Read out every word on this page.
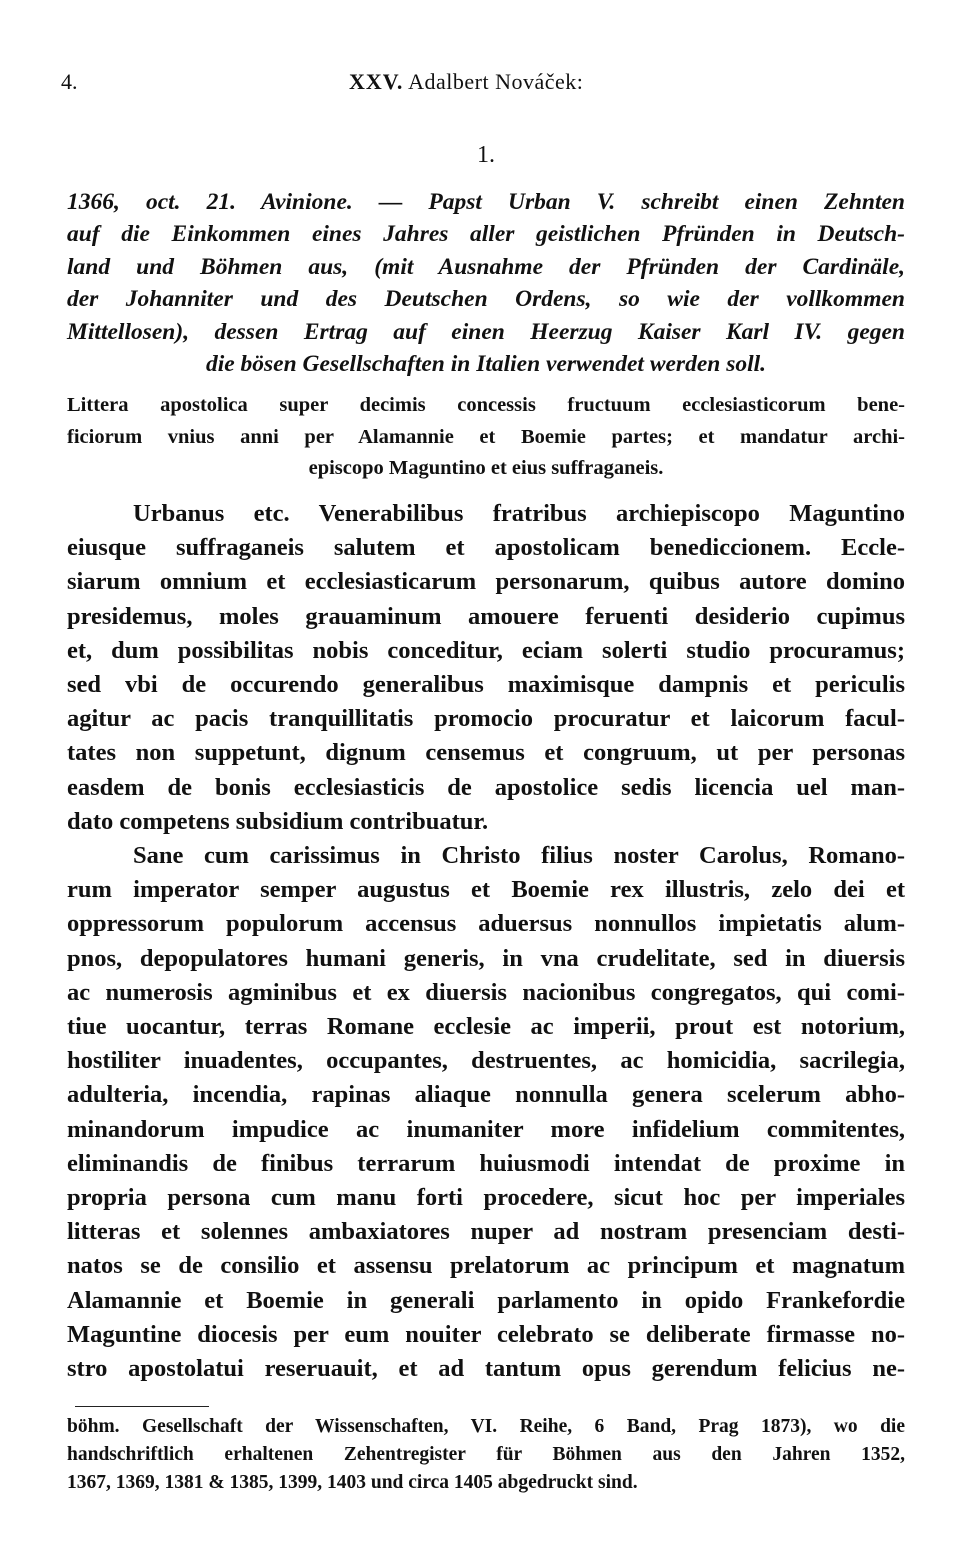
4.	XXV. Adalbert Nováček:
1.
1366, oct. 21. Avinione. — Papst Urban V. schreibt einen Zehnten
auf die Einkommen eines Jahres aller geistlichen Pfründen in Deutsch-
land und Böhmen aus, (mit Ausnahme der Pfründen der Cardinäle,
der Johanniter und des Deutschen Ordens, so wie der vollkommen
Mittellosen), dessen Ertrag auf einen Heerzug Kaiser Karl IV. gegen
die bösen Gesellschaften in Italien verwendet werden soll.
Littera apostolica super decimis concessis fructuum ecclesiasticorum bene-
ficiorum vnius anni per Alamannie et Boemie partes; et mandatur archi-
episcopo Maguntino et eius suffraganeis.
Urbanus etc. Venerabilibus fratribus archiepiscopo Maguntino
eiusque suffraganeis salutem et apostolicam benediccionem. Eccle-
siarum omnium et ecclesiasticarum personarum, quibus autore domino
presidemus, moles grauaminum amouere feruenti desiderio cupimus
et, dum possibilitas nobis conceditur, eciam solerti studio procuramus;
sed vbi de occurendo generalibus maximisque dampnis et periculis
agitur ac pacis tranquillitatis promocio procuratur et laicorum facul-
tates non suppetunt, dignum censemus et congruum, ut per personas
easdem de bonis ecclesiasticis de apostolice sedis licencia uel man-
dato competens subsidium contribuatur.
Sane cum carissimus in Christo filius noster Carolus, Romano-
rum imperator semper augustus et Boemie rex illustris, zelo dei et
oppressorum populorum accensus aduersus nonnullos impietatis alum-
pnos, depopulatores humani generis, in vna crudelitate, sed in diuersis
ac numerosis agminibus et ex diuersis nacionibus congregatos, qui comi-
tiue uocantur, terras Romane ecclesie ac imperii, prout est notorium,
hostiliter inuadentes, occupantes, destruentes, ac homicidia, sacrilegia,
adulteria, incendia, rapinas aliaque nonnulla genera scelerum abho-
minandorum impudice ac inumaniter more infidelium commitentes,
eliminandis de finibus terrarum huiusmodi intendat de proxime in
propria persona cum manu forti procedere, sicut hoc per imperiales
litteras et solennes ambaxiatores nuper ad nostram presenciam desti-
natos se de consilio et assensu prelatorum ac principum et magnatum
Alamannie et Boemie in generali parlamento in opido Frankefordie
Maguntine diocesis per eum nouiter celebrato se deliberate firmasse no-
stro apostolatui reseruauit, et ad tantum opus gerendum felicius ne-
böhm. Gesellschaft der Wissenschaften, VI. Reihe, 6 Band, Prag 1873), wo die
handschriftlich erhaltenen Zehentregister für Böhmen aus den Jahren 1352,
1367, 1369, 1381 & 1385, 1399, 1403 und circa 1405 abgedruckt sind.
